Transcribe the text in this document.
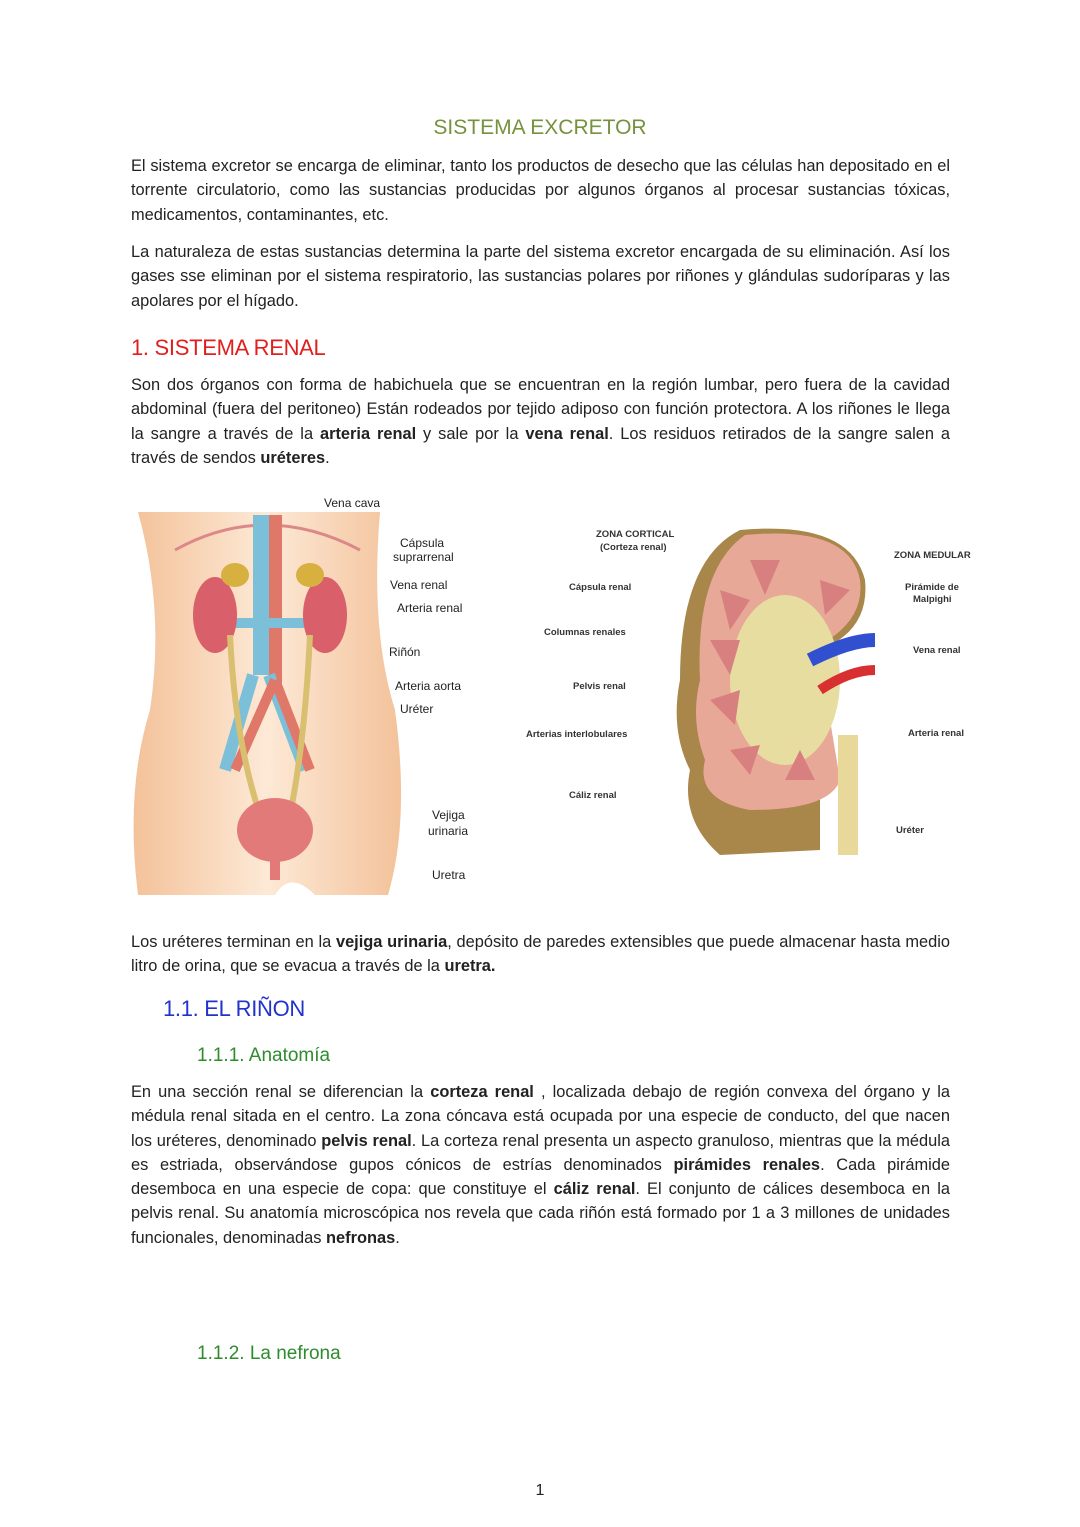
SISTEMA EXCRETOR

El sistema excretor se encarga de eliminar, tanto los productos de desecho que las células han depositado en el torrente circulatorio, como las sustancias producidas por algunos órganos al procesar sustancias tóxicas, medicamentos, contaminantes, etc.

La naturaleza de estas sustancias determina la parte del sistema excretor encargada de su eliminación. Así los gases sse eliminan por el sistema respiratorio, las sustancias polares por riñones y glándulas sudoríparas y las apolares por el hígado.

1. SISTEMA RENAL

Son dos órganos con forma de habichuela que se encuentran en la región lumbar, pero fuera de la cavidad abdominal (fuera del peritoneo) Están rodeados por tejido adiposo con función protectora. A los riñones le llega la sangre a través de la arteria renal y sale por la vena renal. Los residuos retirados de la sangre salen a través de sendos uréteres.

Vena cava
Cápsula
suprarrenal
Vena renal
Arteria renal
Riñón
Arteria aorta
Uréter
Vejiga
urinaria
Uretra
ZONA CORTICAL
(Corteza renal)
ZONA MEDULAR
Cápsula renal	Pirámide de
Malpighi
Columnas renales
Vena renal
Pelvis renal
Arterias interlobulares	Arteria renal
Cáliz renal
Uréter

Los uréteres terminan en la vejiga urinaria, depósito de paredes extensibles que puede almacenar hasta medio litro de orina, que se evacua a través de la uretra.

1.1. EL RIÑON
1.1.1. Anatomía

En una sección renal se diferencian la corteza renal , localizada debajo de región convexa del órgano y la médula renal sitada en el centro. La zona cóncava está ocupada por una especie de conducto, del que nacen los uréteres, denominado pelvis renal. La corteza renal presenta un aspecto granuloso, mientras que la médula es estriada, observándose gupos cónicos de estrías denominados pirámides renales. Cada pirámide desemboca en una especie de copa: que constituye el cáliz renal. El conjunto de cálices desemboca en la pelvis renal. Su anatomía microscópica nos revela que cada riñón está formado por 1 a 3 millones de unidades funcionales, denominadas nefronas.

1.1.2. La nefrona
1
